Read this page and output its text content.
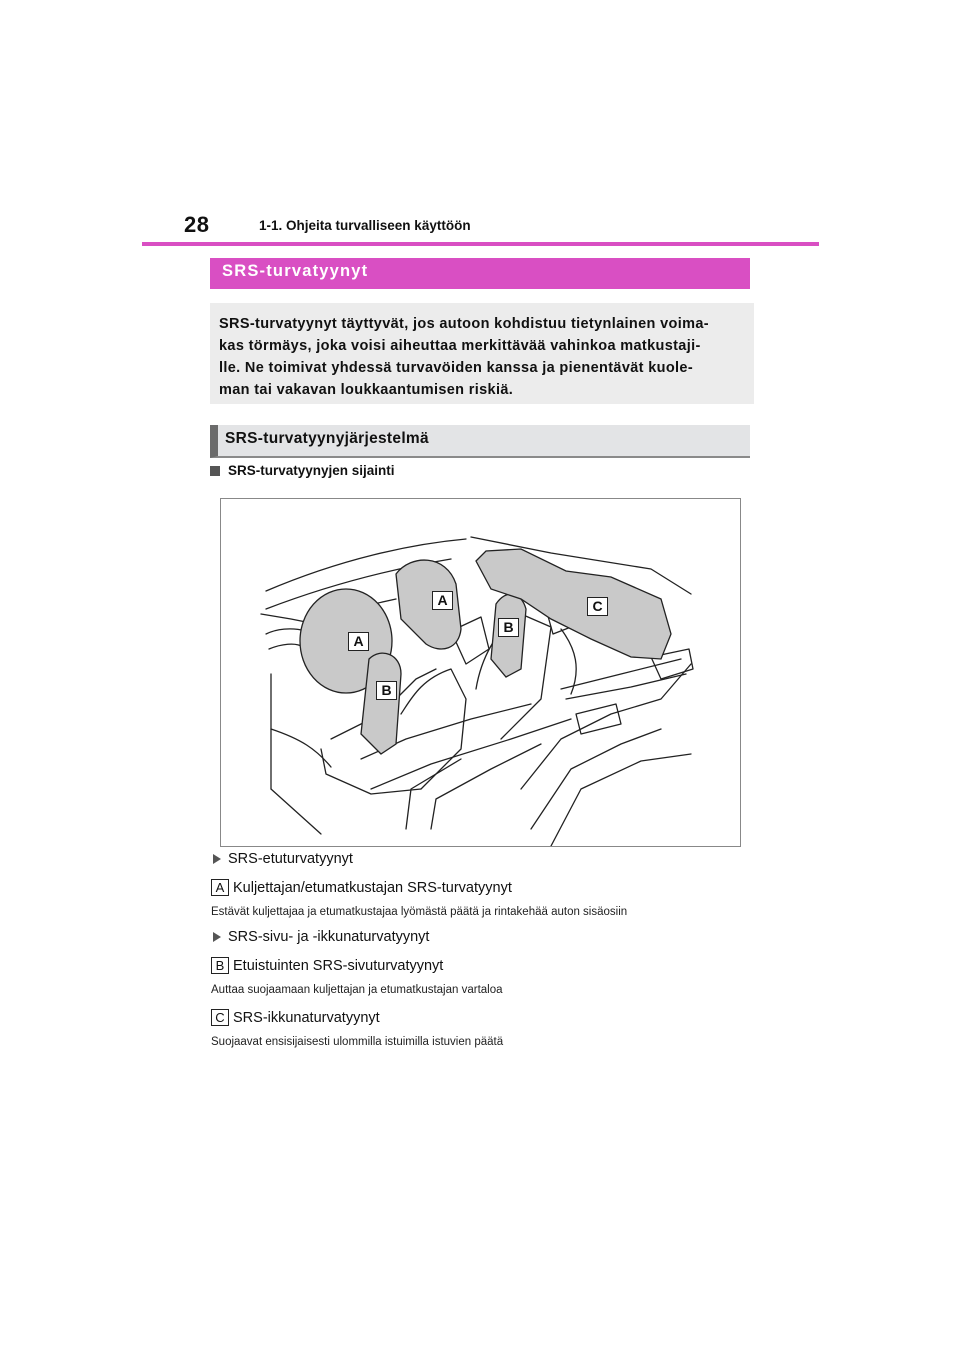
28	1-1. Ohjeita turvalliseen käyttöön
SRS-turvatyynyt
SRS-turvatyynyt täyttyvät, jos autoon kohdistuu tietynlainen voima-
kas törmäys, joka voisi aiheuttaa merkittävää vahinkoa matkustaji-
lle. Ne toimivat yhdessä turvavöiden kanssa ja pienentävät kuole-
man tai vakavan loukkaantumisen riskiä.
SRS-turvatyynyjärjestelmä
SRS-turvatyynyjen sijainti
A
A
B
B
C
SRS-etuturvatyynyt
A Kuljettajan/etumatkustajan SRS-turvatyynyt
Estävät kuljettajaa ja etumatkustajaa lyömästä päätä ja rintakehää auton sisäosiin
SRS-sivu- ja -ikkunaturvatyynyt
B Etuistuinten SRS-sivuturvatyynyt
Auttaa suojaamaan kuljettajan ja etumatkustajan vartaloa
C SRS-ikkunaturvatyynyt
Suojaavat ensisijaisesti ulommilla istuimilla istuvien päätä
